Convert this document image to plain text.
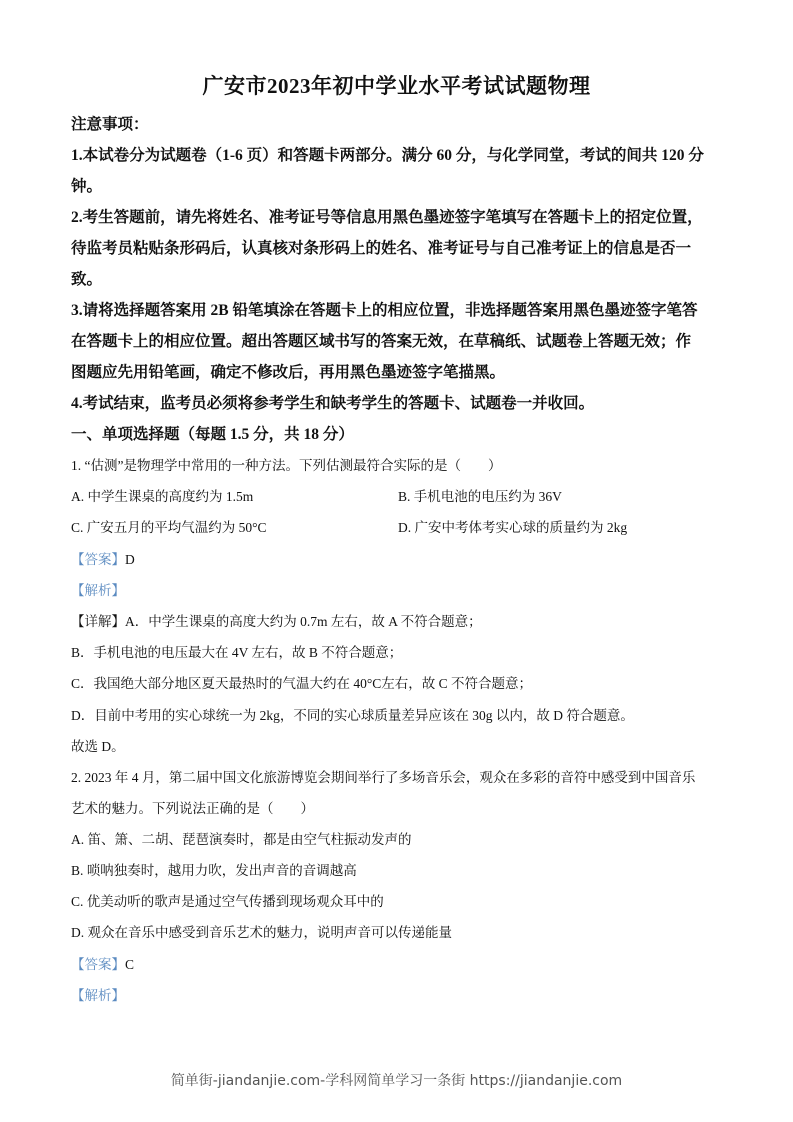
广安市2023年初中学业水平考试试题物理
注意事项：
1.本试卷分为试题卷（1-6 页）和答题卡两部分。满分 60 分，与化学同堂，考试的间共 120 分
钟。
2.考生答题前，请先将姓名、准考证号等信息用黑色墨迹签字笔填写在答题卡上的招定位置，
待监考员粘贴条形码后，认真核对条形码上的姓名、准考证号与自己准考证上的信息是否一
致。
3.请将选择题答案用 2B 铅笔填涂在答题卡上的相应位置，非选择题答案用黑色墨迹签字笔答
在答题卡上的相应位置。超出答题区域书写的答案无效，在草稿纸、试题卷上答题无效；作
图题应先用铅笔画，确定不修改后，再用黑色墨迹签字笔描黑。
4.考试结束，监考员必须将参考学生和缺考学生的答题卡、试题卷一并收回。
一、单项选择题（每题 1.5 分，共 18 分）
1. “估测”是物理学中常用的一种方法。下列估测最符合实际的是（　　）
A. 中学生课桌的高度约为 1.5m	B. 手机电池的电压约为 36V
C. 广安五月的平均气温约为 50°C	D. 广安中考体考实心球的质量约为 2kg
【答案】D
【解析】
【详解】A．中学生课桌的高度大约为 0.7m 左右，故 A 不符合题意；
B．手机电池的电压最大在 4V 左右，故 B 不符合题意；
C．我国绝大部分地区夏天最热时的气温大约在 40°C左右，故 C 不符合题意；
D．目前中考用的实心球统一为 2kg，不同的实心球质量差异应该在 30g 以内，故 D 符合题意。
故选 D。
2. 2023 年 4 月，第二届中国文化旅游博览会期间举行了多场音乐会，观众在多彩的音符中感受到中国音乐
艺术的魅力。下列说法正确的是（　　）
A. 笛、箫、二胡、琵琶演奏时，都是由空气柱振动发声的
B. 唢呐独奏时，越用力吹，发出声音的音调越高
C. 优美动听的歌声是通过空气传播到现场观众耳中的
D. 观众在音乐中感受到音乐艺术的魅力，说明声音可以传递能量
【答案】C
【解析】
简单街-jiandanjie.com-学科网简单学习一条街 https://jiandanjie.com
